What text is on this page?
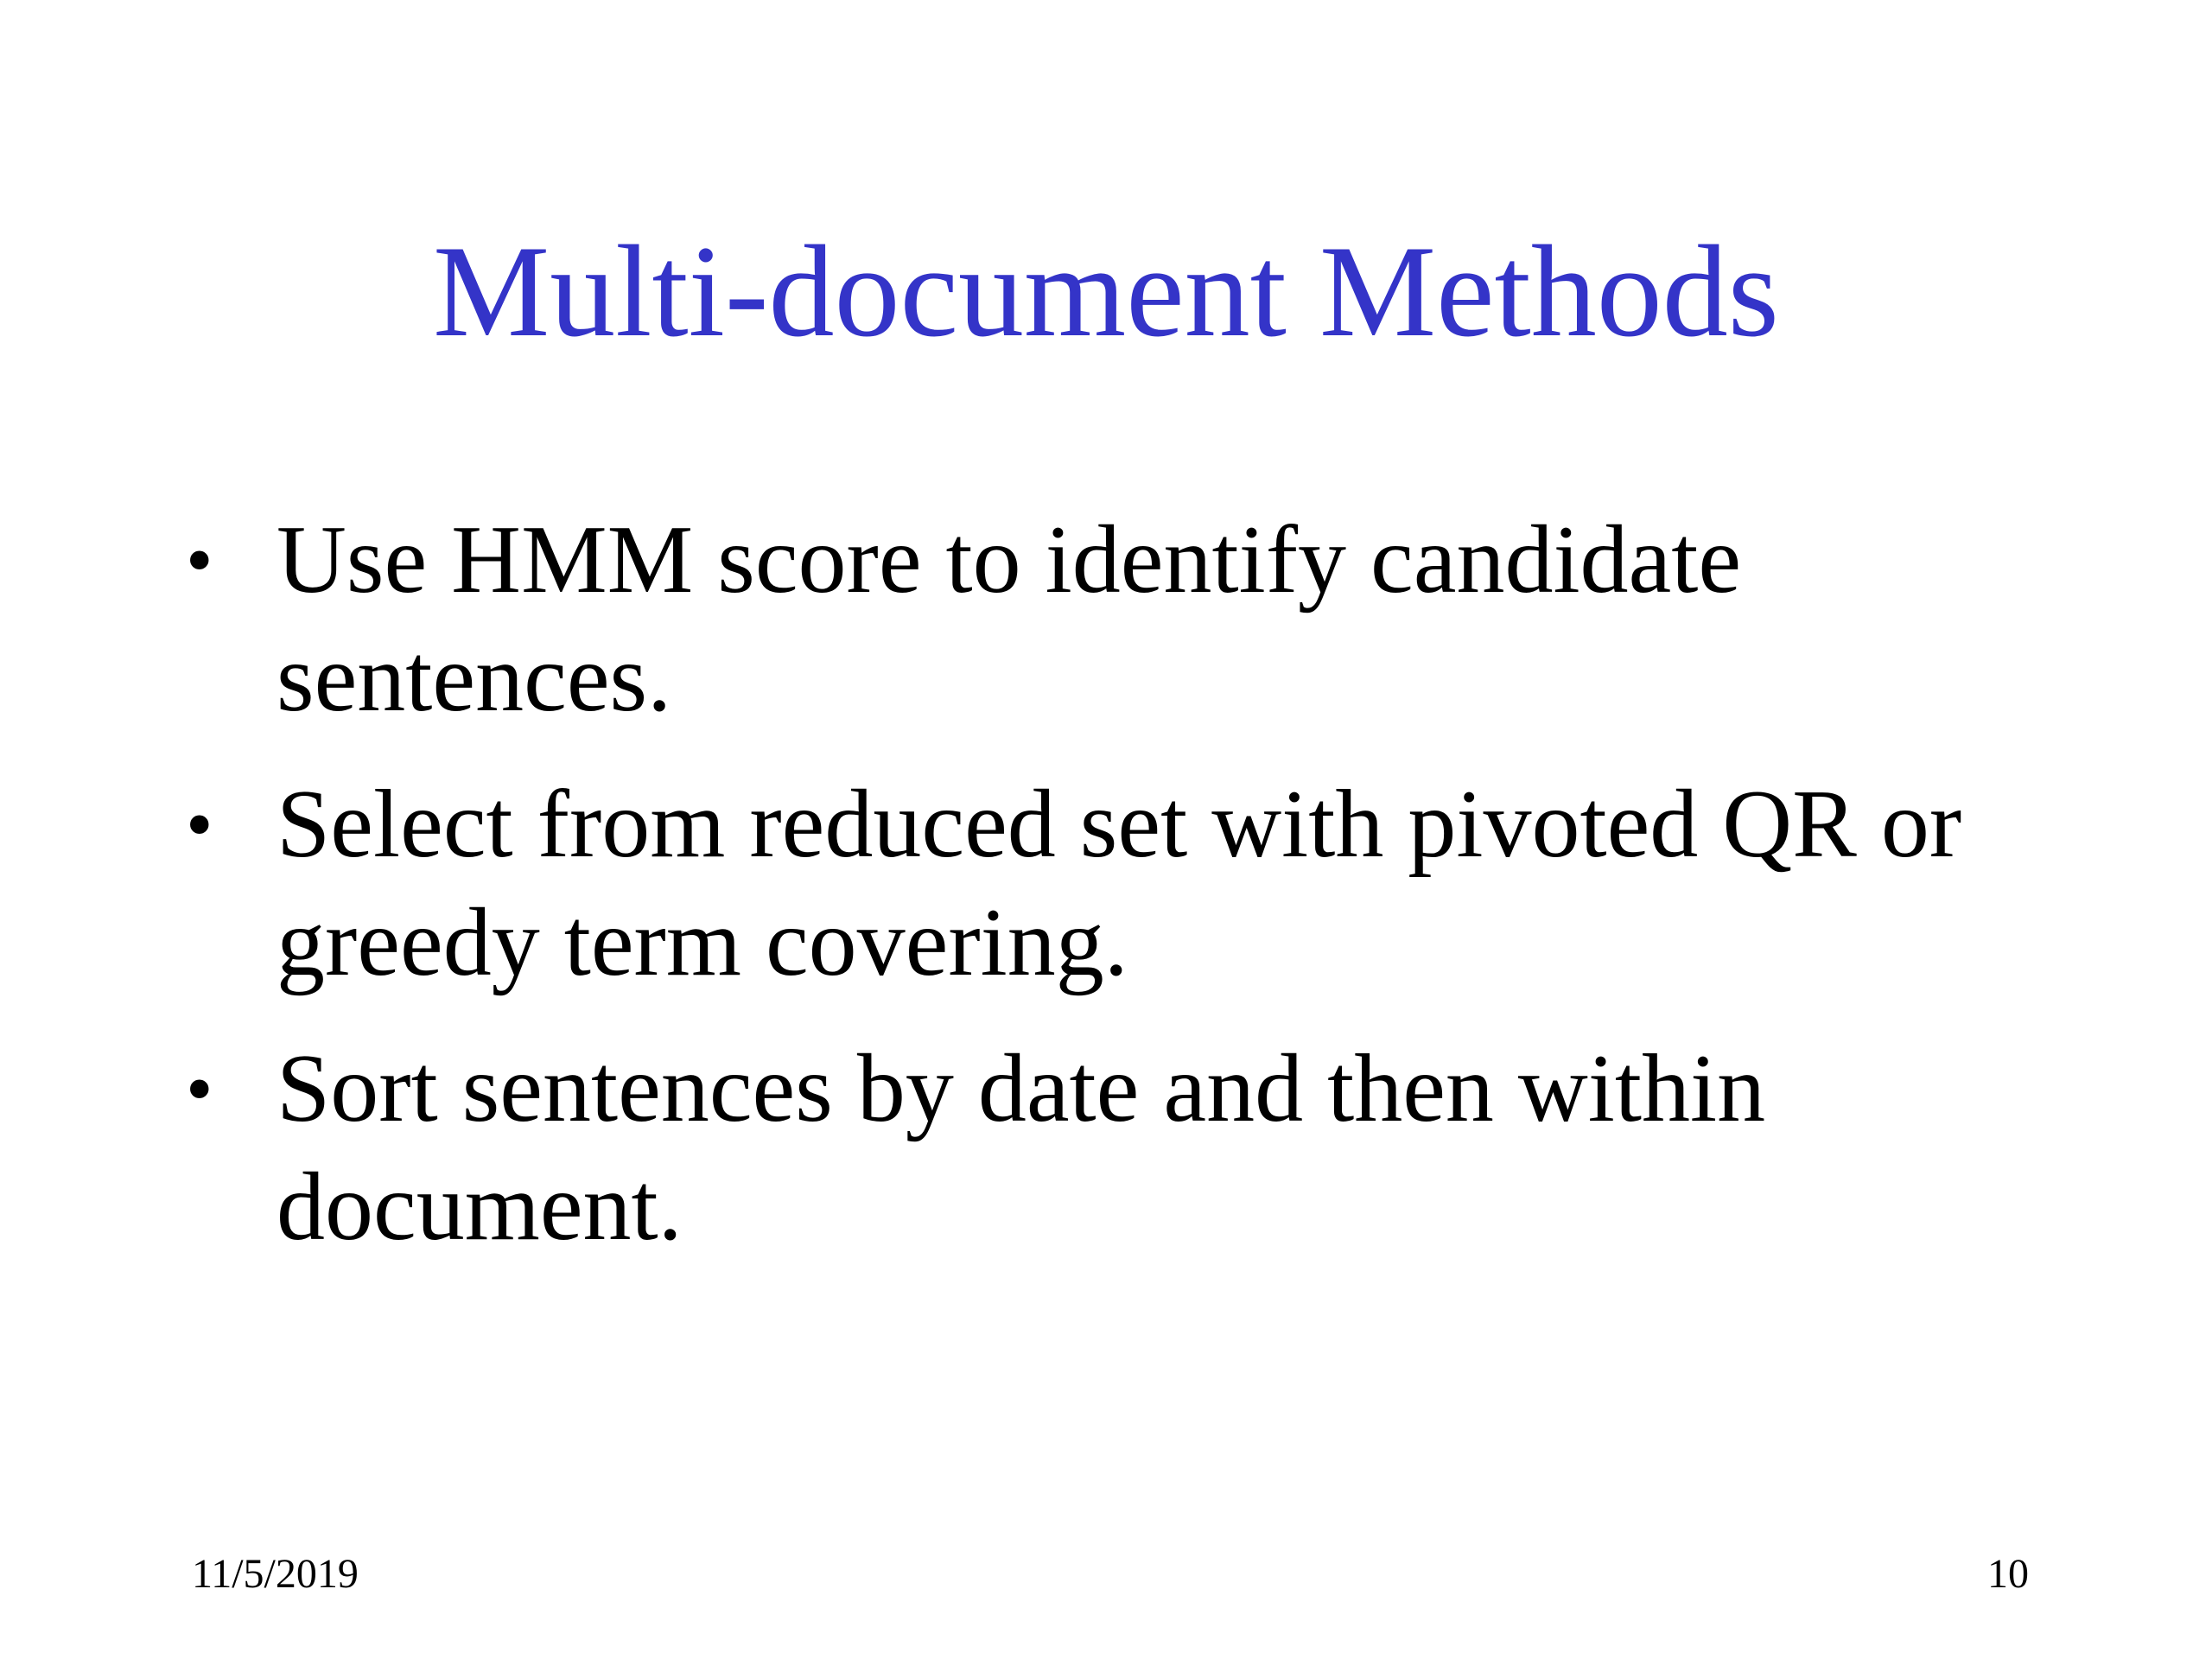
Multi-document Methods
• Use HMM score to identify candidate sentences.
• Select from reduced set with pivoted QR or greedy term covering.
• Sort sentences by date and then within document.
11/5/2019	10
